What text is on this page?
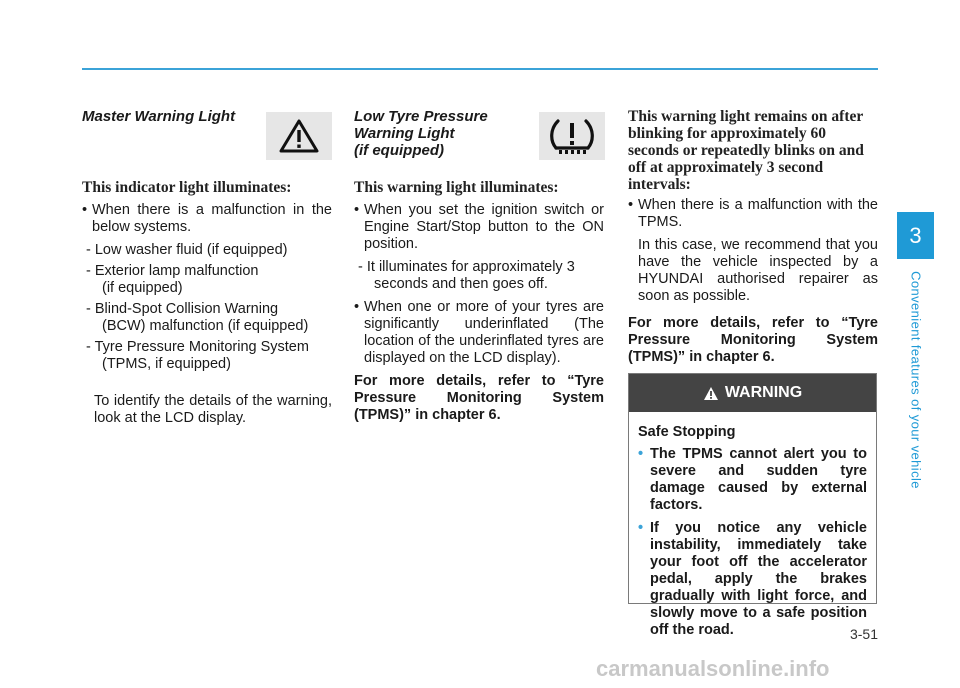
Master Warning Light
This indicator light illuminates:
• When there is a malfunction in the below systems.
- Low washer fluid (if equipped)
- Exterior lamp malfunction
(if equipped)
- Blind-Spot Collision Warning
(BCW) malfunction (if equipped)
- Tyre Pressure Monitoring System
(TPMS, if equipped)

To identify the details of the warning, look at the LCD display.

Low Tyre Pressure
Warning Light
(if equipped)
This warning light illuminates:
• When you set the ignition switch or Engine Start/Stop button to the ON position.
- It illuminates for approximately 3
seconds and then goes off.
• When one or more of your tyres are significantly underinflated (The location of the underinflated tyres are displayed on the LCD display).

For more details, refer to “Tyre Pressure Monitoring System (TPMS)” in chapter 6.

This warning light remains on after blinking for approximately 60 seconds or repeatedly blinks on and off at approximately 3 second intervals:
• When there is a malfunction with the TPMS.

In this case, we recommend that you have the vehicle inspected by a HYUNDAI authorised repairer as soon as possible.

For more details, refer to “Tyre Pressure Monitoring System (TPMS)” in chapter 6.

WARNING
Safe Stopping
• The TPMS cannot alert you to severe and sudden tyre damage caused by external factors.
• If you notice any vehicle instability, immediately take your foot off the accelerator pedal, apply the brakes gradually with light force, and slowly move to a safe position off the road.
3
Convenient features of your vehicle
3-51
carmanualsonline.info
